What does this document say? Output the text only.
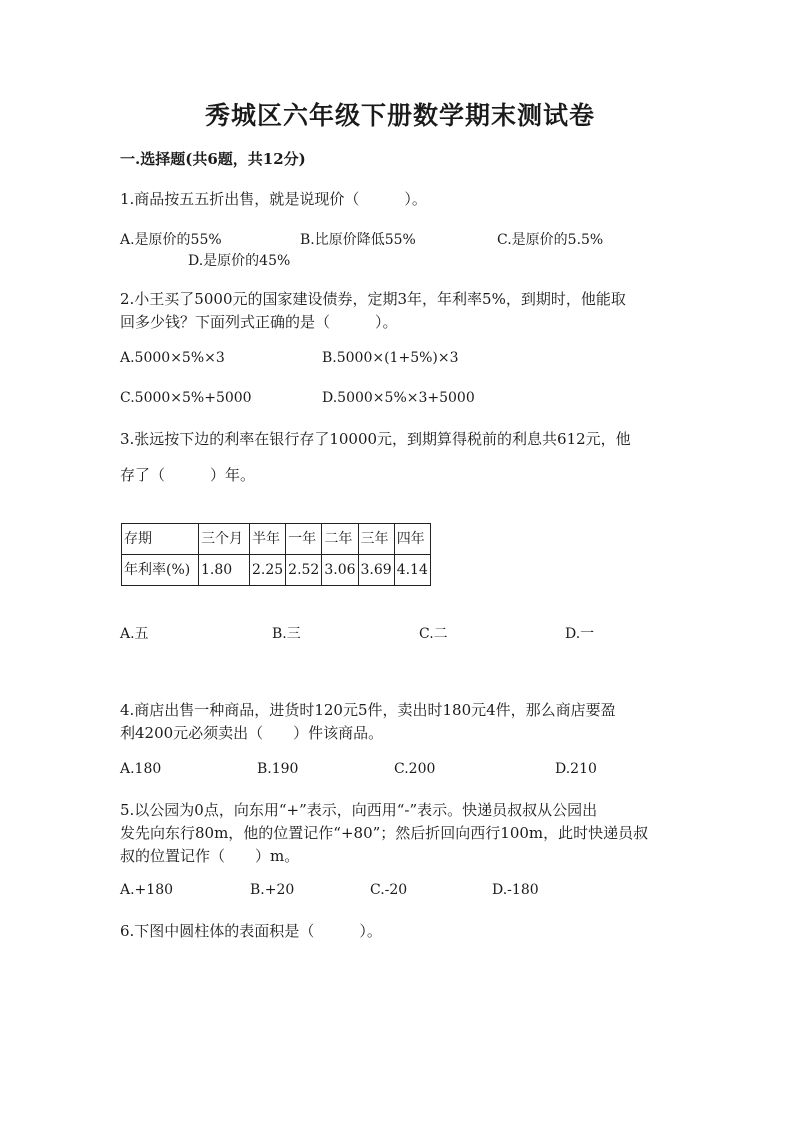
秀城区六年级下册数学期末测试卷
一.选择题(共6题，共12分)
1.商品按五五折出售，就是说现价（　　　）。
A.是原价的55%	B.比原价降低55%	C.是原价的5.5%
D.是原价的45%
2.小王买了5000元的国家建设债券，定期3年，年利率5%，到期时，他能取
回多少钱？下面列式正确的是（　　　）。
A.5000×5%×3	B.5000×(1+5%)×3
C.5000×5%+5000	D.5000×5%×3+5000
3.张远按下边的利率在银行存了10000元，到期算得税前的利息共612元，他
存了（　　　）年。
存期	三个月	半年	一年	二年	三年	四年
年利率(%)	1.80	2.25	2.52	3.06	3.69	4.14
A.五	B.三	C.二	D.一
4.商店出售一种商品，进货时120元5件，卖出时180元4件，那么商店要盈
利4200元必须卖出（　　）件该商品。
A.180	B.190	C.200	D.210
5.以公园为0点，向东用“+”表示，向西用“-”表示。快递员叔叔从公园出
发先向东行80m，他的位置记作“+80”；然后折回向西行100m，此时快递员叔
叔的位置记作（　　）m。
A.+180	B.+20	C.-20	D.-180
6.下图中圆柱体的表面积是（　　　）。
